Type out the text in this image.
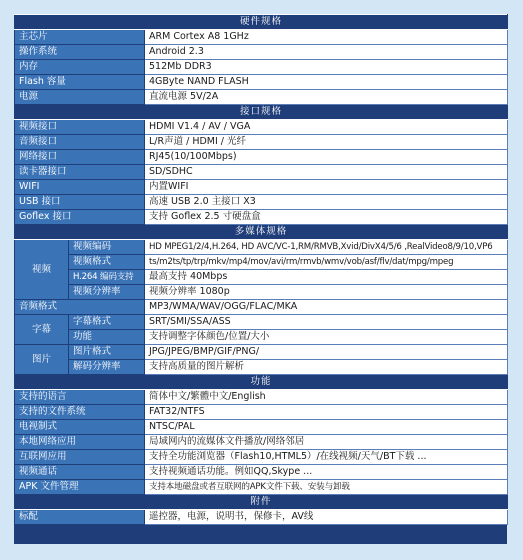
硬件规格		
主芯片		ARM Cortex A8 1GHz
操作系统		Android 2.3
内存		512Mb DDR3
Flash 容量		4GByte NAND FLASH
电源		直流电源 5V/2A
接口规格		
视频接口		HDMI V1.4 / AV / VGA
音频接口		L/R声道 / HDMI / 光纤
网络接口		RJ45(10/100Mbps)
读卡器接口		SD/SDHC
WIFI		内置WIFI
USB 接口		高速 USB 2.0 主接口 X3
Goflex 接口		支持 Goflex 2.5 寸硬盘盒
多媒体规格		
视频	视频编码	HD MPEG1/2/4,H.264, HD AVC/VC-1,RM/RMVB,Xvid/DivX4/5/6 ,RealVideo8/9/10,VP6
	视频格式	ts/m2ts/tp/trp/mkv/mp4/mov/avi/rm/rmvb/wmv/vob/asf/flv/dat/mpg/mpeg
	H.264 编码支持	最高支持 40Mbps
	视频分辨率	视频分辨率 1080p
音频格式		MP3/WMA/WAV/OGG/FLAC/MKA
字幕	字幕格式	SRT/SMI/SSA/ASS
	功能	支持调整字体颜色/位置/大小
图片	图片格式	JPG/JPEG/BMP/GIF/PNG/
	解码分辨率	支持高质量的图片解析
功能		
支持的语言		简体中文/繁體中文/English
支持的文件系统		FAT32/NTFS
电视制式		NTSC/PAL
本地网络应用		局域网内的流媒体文件播放/网络邻居
互联网应用		支持全功能浏览器（Flash10,HTML5）/在线视频/天气/BT下载 ...
视频通话		支持视频通话功能。例如QQ,Skype ...
APK 文件管理		支持本地磁盘或者互联网的APK文件下载、安装与卸载
附件		
标配		遥控器，电源，说明书，保修卡，AV线
